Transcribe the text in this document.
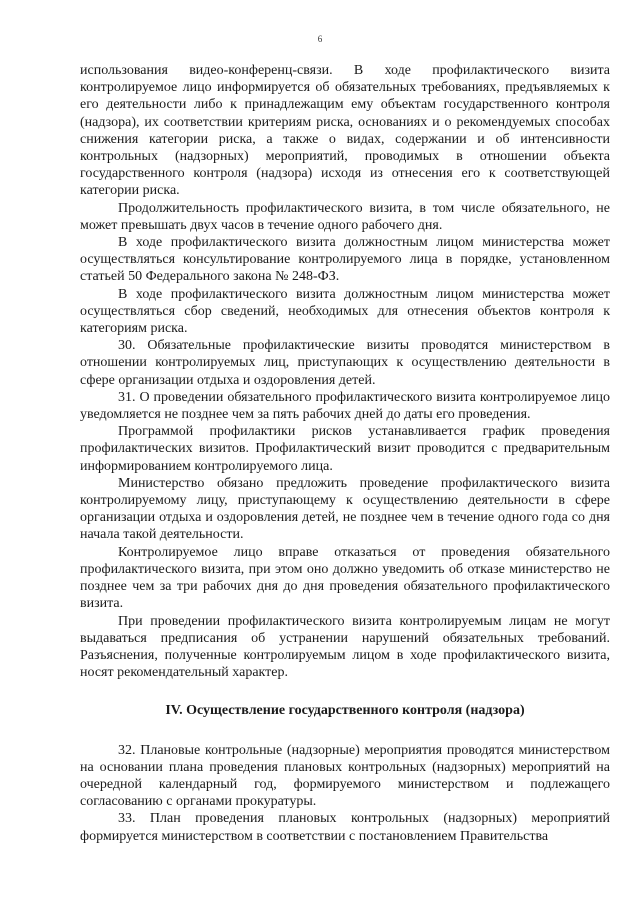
6

использования видео-конференц-связи. В ходе профилактического визита контролируемое лицо информируется об обязательных требованиях, предъявляемых к его деятельности либо к принадлежащим ему объектам государственного контроля (надзора), их соответствии критериям риска, основаниях и о рекомендуемых способах снижения категории риска, а также о видах, содержании и об интенсивности контрольных (надзорных) мероприятий, проводимых в отношении объекта государственного контроля (надзора) исходя из отнесения его к соответствующей категории риска.

Продолжительность профилактического визита, в том числе обязательного, не может превышать двух часов в течение одного рабочего дня.

В ходе профилактического визита должностным лицом министерства может осуществляться консультирование контролируемого лица в порядке, установленном статьей 50 Федерального закона № 248-ФЗ.

В ходе профилактического визита должностным лицом министерства может осуществляться сбор сведений, необходимых для отнесения объектов контроля к категориям риска.

30. Обязательные профилактические визиты проводятся министерством в отношении контролируемых лиц, приступающих к осуществлению деятельности в сфере организации отдыха и оздоровления детей.

31. О проведении обязательного профилактического визита контролируемое лицо уведомляется не позднее чем за пять рабочих дней до даты его проведения.

Программой профилактики рисков устанавливается график проведения профилактических визитов. Профилактический визит проводится с предварительным информированием контролируемого лица.

Министерство обязано предложить проведение профилактического визита контролируемому лицу, приступающему к осуществлению деятельности в сфере организации отдыха и оздоровления детей, не позднее чем в течение одного года со дня начала такой деятельности.

Контролируемое лицо вправе отказаться от проведения обязательного профилактического визита, при этом оно должно уведомить об отказе министерство не позднее чем за три рабочих дня до дня проведения обязательного профилактического визита.

При проведении профилактического визита контролируемым лицам не могут выдаваться предписания об устранении нарушений обязательных требований. Разъяснения, полученные контролируемым лицом в ходе профилактического визита, носят рекомендательный характер.

IV. Осуществление государственного контроля (надзора)

32. Плановые контрольные (надзорные) мероприятия проводятся министерством на основании плана проведения плановых контрольных (надзорных) мероприятий на очередной календарный год, формируемого министерством и подлежащего согласованию с органами прокуратуры.

33. План проведения плановых контрольных (надзорных) мероприятий формируется министерством в соответствии с постановлением Правительства
